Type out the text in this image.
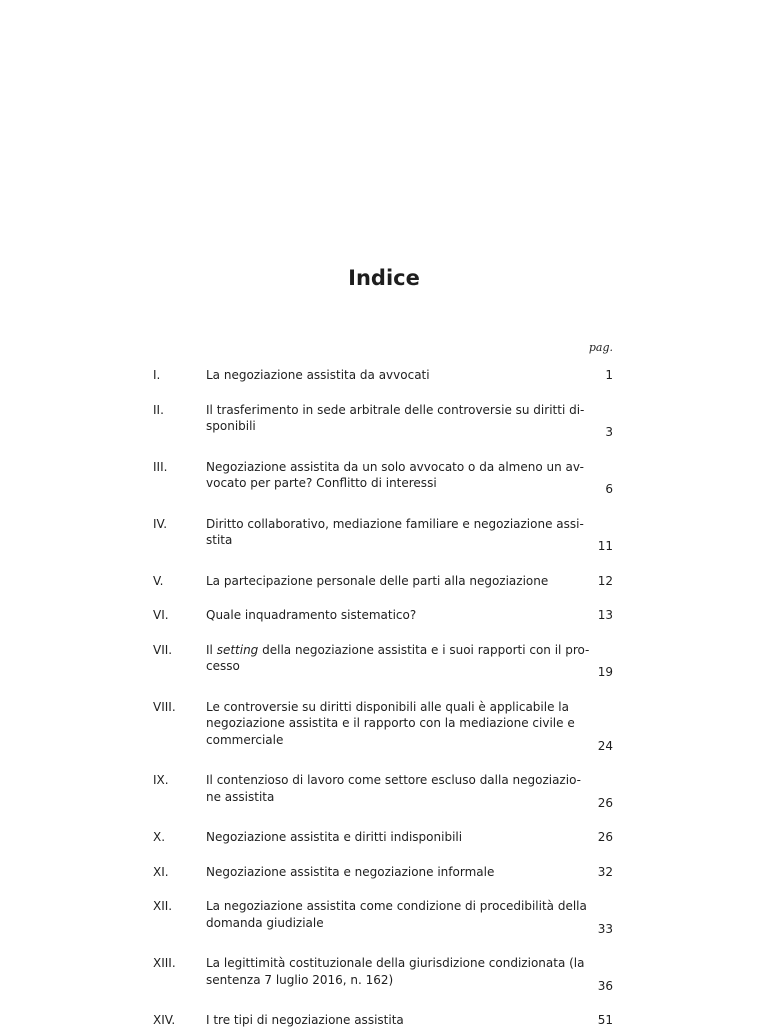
Indice
pag.
I.	La negoziazione assistita da avvocati	1
II.	Il trasferimento in sede arbitrale delle controversie su diritti di-
sponibili	3
III.	Negoziazione assistita da un solo avvocato o da almeno un av-
vocato per parte? Conflitto di interessi	6
IV.	Diritto collaborativo, mediazione familiare e negoziazione assi-
stita	11
V.	La partecipazione personale delle parti alla negoziazione	12
VI.	Quale inquadramento sistematico?	13
VII.	Il setting della negoziazione assistita e i suoi rapporti con il pro-
cesso	19
VIII.	Le controversie su diritti disponibili alle quali è applicabile la
negoziazione assistita e il rapporto con la mediazione civile e
commerciale	24
IX.	Il contenzioso di lavoro come settore escluso dalla negoziazio-
ne assistita	26
X.	Negoziazione assistita e diritti indisponibili	26
XI.	Negoziazione assistita e negoziazione informale	32
XII.	La negoziazione assistita come condizione di procedibilità della
domanda giudiziale	33
XIII.	La legittimità costituzionale della giurisdizione condizionata (la
sentenza 7 luglio 2016, n. 162)	36
XIV.	I tre tipi di negoziazione assistita	51
